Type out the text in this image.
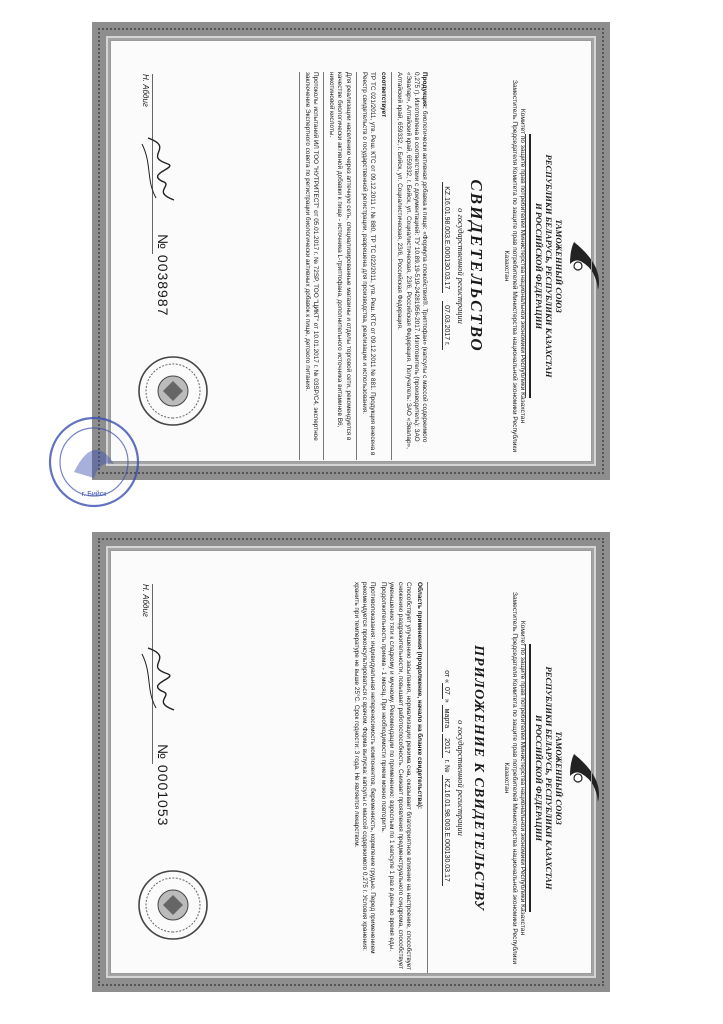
ТАМОЖЕННЫЙ СОЮЗ
РЕСПУБЛИКИ БЕЛАРУСЬ, РЕСПУБЛИКИ КАЗАХСТАН
И РОССИЙСКОЙ ФЕДЕРАЦИИ
Комитет по защите прав потребителей Министерства национальной экономики Республики Казахстан
Заместитель Председателя Комитета по защите прав потребителей Министерства национальной экономики Республики Казахстан
СВИДЕТЕЛЬСТВО
о государственной регистрации
KZ.16.01.98.003.E.000130.03.17    07.03.2017 г.

Продукция: биологически активная добавка к пище: «Формула спокойствия®. Триптофан» (капсулы с массой содержимого 0,275 г). Изготовлена в соответствии с документацией: ТУ 10.89.19-519-24281956-2017. Изготовитель (производитель): ЗАО «Эвалар», Алтайский край, 659332, г. Бийск, ул. Социалистическая, 23/6, Российская Федерация. Получатель: ЗАО «Эвалар», Алтайский край, 659332, г. Бийск, ул. Социалистическая, 23/6, Российская Федерация.

соответствует

ТР ТС 021/2011, утв. Реш. КТС от 09.12.2011 г. № 880, ТР ТС 022/2011, утв. Реш. КТС от 09.12.2011 № 881. Продукция внесена в Реестр свидетельств о государственной регистрации, разрешена для производства, реализации и использования.

Для реализации населению через аптечную сеть, специализированные магазины и отделы торговой сети, рекомендуется в качестве биологически активной добавки к пище - источника L-триптофана, дополнительного источника витаминов B6, никотиновой кислоты.

Протоколы испытаний ИЛ ТОО "НУТРИТЕСТ" от 05.01.2017 г. № 72SP, ТОО "ЦИКТ" от 10.01.2017 г. № 03SP/C4, экспертное заключение Экспертного совета по регистрации биологически активных добавок к пище, детского питания.

Н. Абдиг
№ 0038987
ТАМОЖЕННЫЙ СОЮЗ
РЕСПУБЛИКИ БЕЛАРУСЬ, РЕСПУБЛИКИ КАЗАХСТАН
И РОССИЙСКОЙ ФЕДЕРАЦИИ
Комитет по защите прав потребителей Министерства национальной экономики Республики Казахстан
Заместитель Председателя Комитета по защите прав потребителей Министерства национальной экономики Республики Казахстан
ПРИЛОЖЕНИЕ К СВИДЕТЕЛЬСТВУ
о государственной регистрации
от «07» марта 2017 г. № KZ.16.01.98.003.E.000130.03.17

Область применения (продолжение, начало на бланке свидетельства):

Способствует улучшению засыпания, нормализации режима сна, оказывает благоприятное влияние на настроение, способствует снижению раздражительности, повышает работоспособность. Снижает проявления предменструального синдрома, способствует уменьшению тяги к сладкому и мучному. Рекомендации по применению: взрослым по 1 капсуле 1 раз в день во время еды. Продолжительность приема - 1 месяц. При необходимости прием можно повторить.

Противопоказания: индивидуальная непереносимость компонентов, беременность, кормление грудью. Перед применением рекомендуется проконсультироваться с врачом. Форма выпуска: капсулы с массой содержимого 0,275 г. Условия хранения: хранить при температуре не выше 25°С. Срок годности: 3 года. Не является лекарством.

Н. Абдиг
№ 0001053
г. Бийск
